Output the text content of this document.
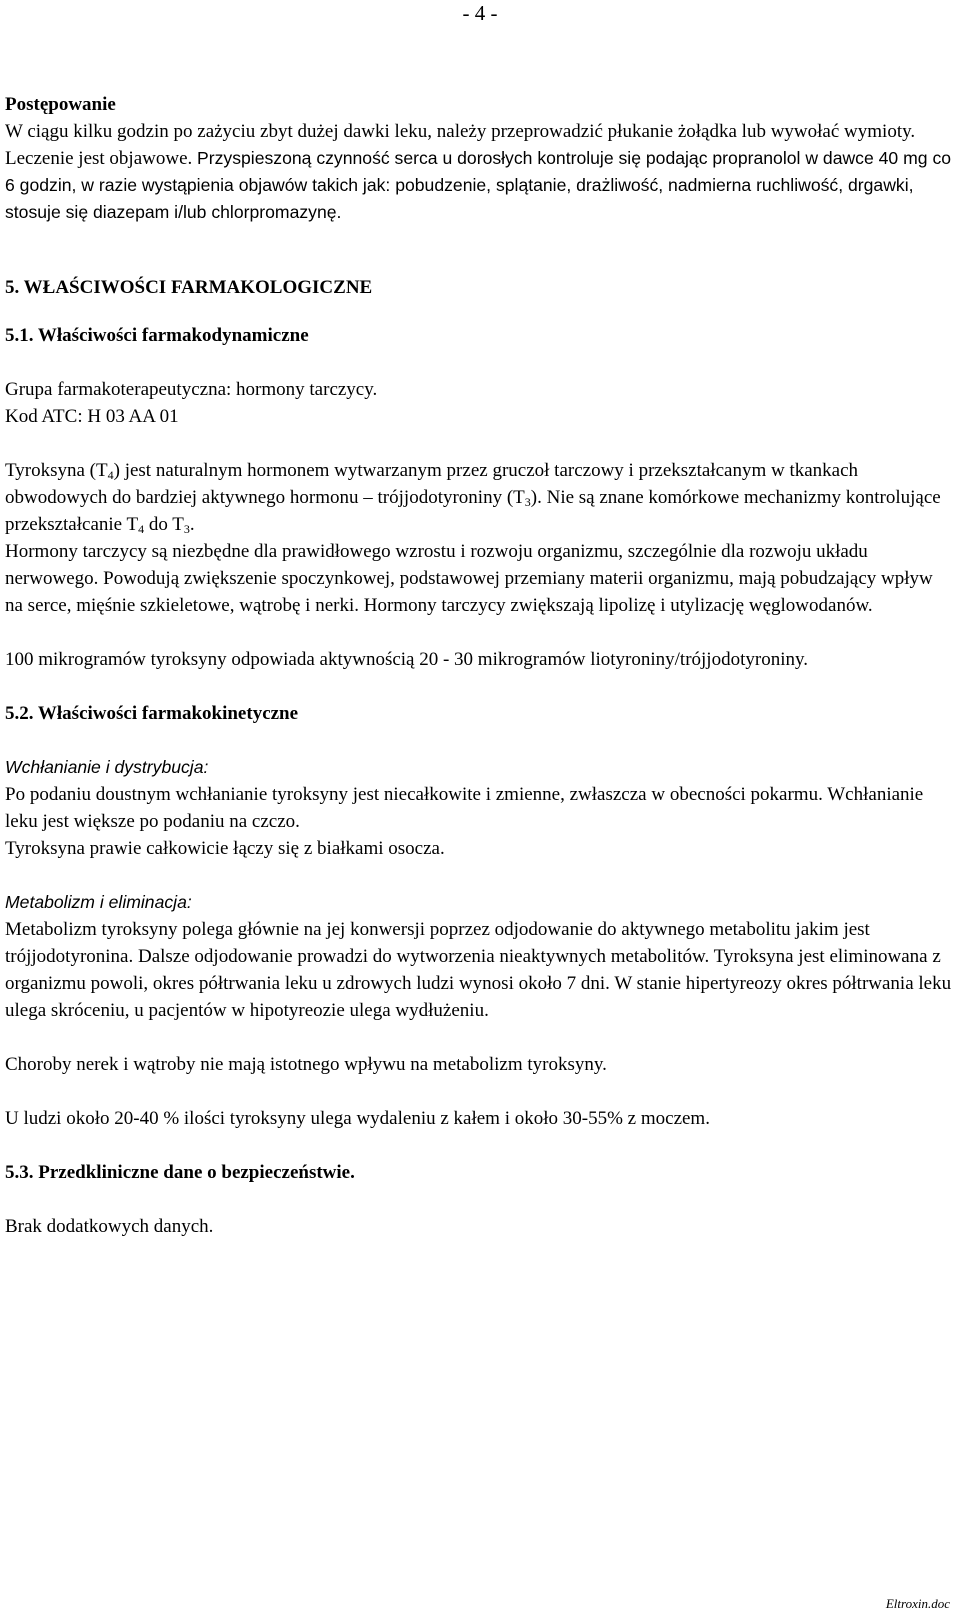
- 4 -

Postępowanie

W ciągu kilku godzin po zażyciu zbyt dużej dawki leku, należy przeprowadzić płukanie żołądka lub wywołać wymioty.

Leczenie jest objawowe. Przyspieszoną czynność serca u dorosłych kontroluje się podając propranolol w dawce 40 mg co 6 godzin, w razie wystąpienia objawów takich jak: pobudzenie, splątanie, drażliwość, nadmierna ruchliwość, drgawki, stosuje się diazepam i/lub chlorpromazynę.

5. WŁAŚCIWOŚCI FARMAKOLOGICZNE

5.1. Właściwości farmakodynamiczne

Grupa farmakoterapeutyczna: hormony tarczycy.

Kod ATC: H 03 AA 01

Tyroksyna $(T_4)$ jest naturalnym hormonem wytwarzanym przez gruczoł tarczowy i przekształcanym w tkankach obwodowych do bardziej aktywnego hormonu – trójjodotyroniny $(T_3)$. Nie są znane komórkowe mechanizmy kontrolujące przekształcanie $T_4$ do $T_3$.

Hormony tarczycy są niezbędne dla prawidłowego wzrostu i rozwoju organizmu, szczególnie dla rozwoju układu nerwowego. Powodują zwiększenie spoczynkowej, podstawowej przemiany materii organizmu, mają pobudzający wpływ na serce, mięśnie szkieletowe, wątrobę i nerki. Hormony tarczycy zwiększają lipolizę i utylizację węglowodanów.

100 mikrogramów tyroksyny odpowiada aktywnością 20 - 30 mikrogramów liotyroniny/trójjodotyroniny.

5.2. Właściwości farmakokinetyczne

Wchłanianie i dystrybucja:

Po podaniu doustnym wchłanianie tyroksyny jest niecałkowite i zmienne, zwłaszcza w obecności pokarmu. Wchłanianie leku jest większe po podaniu na czczo.

Tyroksyna prawie całkowicie łączy się z białkami osocza.

Metabolizm i eliminacja:

Metabolizm tyroksyny polega głównie na jej konwersji poprzez odjodowanie do aktywnego metabolitu jakim jest trójjodotyronina. Dalsze odjodowanie prowadzi do wytworzenia nieaktywnych metabolitów. Tyroksyna jest eliminowana z organizmu powoli, okres półtrwania leku u zdrowych ludzi wynosi około 7 dni. W stanie hipertyreozy okres półtrwania leku ulega skróceniu, u pacjentów w hipotyreozie ulega wydłużeniu.

Choroby nerek i wątroby nie mają istotnego wpływu na metabolizm tyroksyny.

U ludzi około 20-40 % ilości tyroksyny ulega wydaleniu z kałem i około 30-55% z moczem.

5.3. Przedkliniczne dane o bezpieczeństwie.

Brak dodatkowych danych.

Eltroxin.doc
